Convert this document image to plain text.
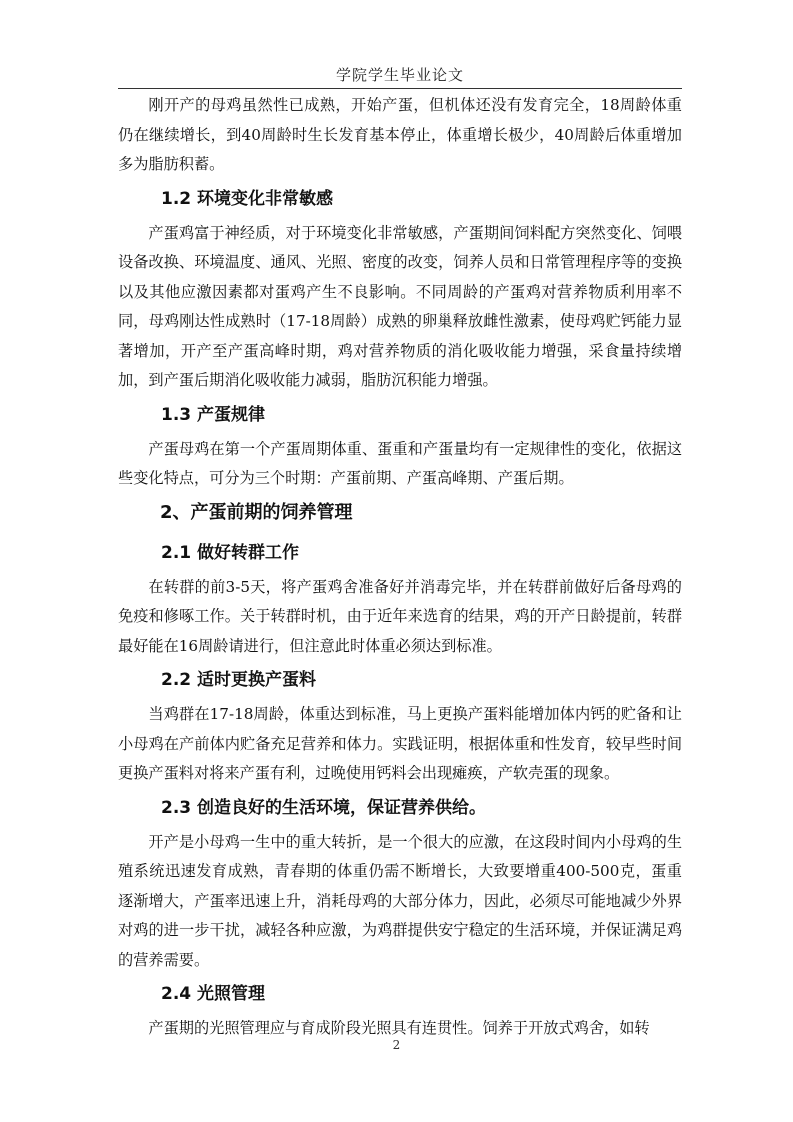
学院学生毕业论文

刚开产的母鸡虽然性已成熟，开始产蛋，但机体还没有发育完全，18周龄体重仍在继续增长，到40周龄时生长发育基本停止，体重增长极少，40周龄后体重增加多为脂肪积蓄。

1.2 环境变化非常敏感

产蛋鸡富于神经质，对于环境变化非常敏感，产蛋期间饲料配方突然变化、饲喂设备改换、环境温度、通风、光照、密度的改变，饲养人员和日常管理程序等的变换以及其他应激因素都对蛋鸡产生不良影响。不同周龄的产蛋鸡对营养物质利用率不同，母鸡刚达性成熟时（17-18周龄）成熟的卵巢释放雌性激素，使母鸡贮钙能力显著增加，开产至产蛋高峰时期，鸡对营养物质的消化吸收能力增强，采食量持续增加，到产蛋后期消化吸收能力减弱，脂肪沉积能力增强。

1.3 产蛋规律

产蛋母鸡在第一个产蛋周期体重、蛋重和产蛋量均有一定规律性的变化，依据这些变化特点，可分为三个时期：产蛋前期、产蛋高峰期、产蛋后期。

2、产蛋前期的饲养管理
2.1 做好转群工作

在转群的前3-5天，将产蛋鸡舍准备好并消毒完毕，并在转群前做好后备母鸡的免疫和修啄工作。关于转群时机，由于近年来选育的结果，鸡的开产日龄提前，转群最好能在16周龄请进行，但注意此时体重必须达到标准。

2.2 适时更换产蛋料

当鸡群在17-18周龄，体重达到标准，马上更换产蛋料能增加体内钙的贮备和让小母鸡在产前体内贮备充足营养和体力。实践证明，根据体重和性发育，较早些时间更换产蛋料对将来产蛋有利，过晚使用钙料会出现瘫痪，产软壳蛋的现象。

2.3 创造良好的生活环境，保证营养供给。

开产是小母鸡一生中的重大转折，是一个很大的应激，在这段时间内小母鸡的生殖系统迅速发育成熟，青春期的体重仍需不断增长，大致要增重400-500克，蛋重逐渐增大，产蛋率迅速上升，消耗母鸡的大部分体力，因此，必须尽可能地减少外界对鸡的进一步干扰，减轻各种应激，为鸡群提供安宁稳定的生活环境，并保证满足鸡的营养需要。

2.4 光照管理

产蛋期的光照管理应与育成阶段光照具有连贯性。饲养于开放式鸡舍，如转

2
